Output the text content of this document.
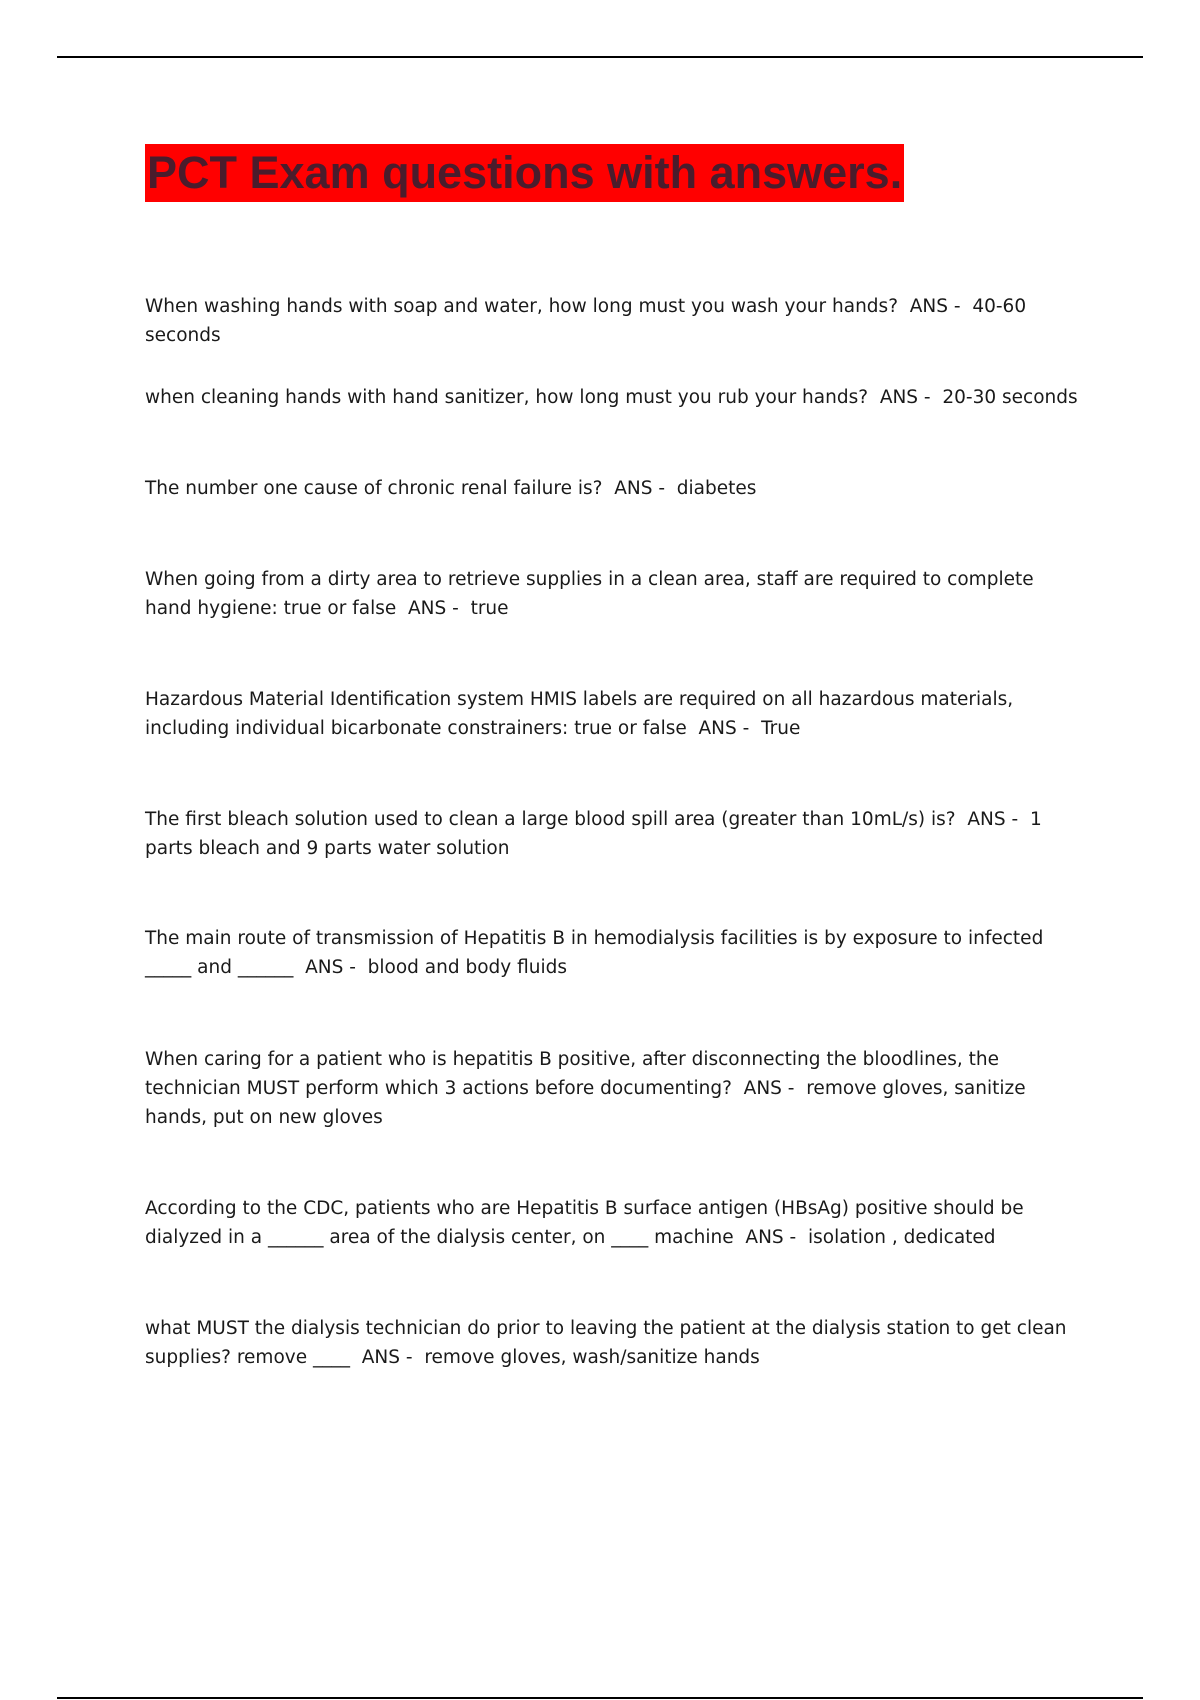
PCT Exam questions with answers.

When washing hands with soap and water, how long must you wash your hands? ANS - 40-60 seconds

when cleaning hands with hand sanitizer, how long must you rub your hands? ANS - 20-30 seconds

The number one cause of chronic renal failure is? ANS - diabetes

When going from a dirty area to retrieve supplies in a clean area, staff are required to complete hand hygiene: true or false ANS - true

Hazardous Material Identification system HMIS labels are required on all hazardous materials, including individual bicarbonate constrainers: true or false ANS - True

The first bleach solution used to clean a large blood spill area (greater than 10mL/s) is? ANS - 1 parts bleach and 9 parts water solution

The main route of transmission of Hepatitis B in hemodialysis facilities is by exposure to infected _____ and ______ ANS - blood and body fluids

When caring for a patient who is hepatitis B positive, after disconnecting the bloodlines, the technician MUST perform which 3 actions before documenting? ANS - remove gloves, sanitize hands, put on new gloves

According to the CDC, patients who are Hepatitis B surface antigen (HBsAg) positive should be dialyzed in a ______ area of the dialysis center, on ____ machine ANS - isolation , dedicated

what MUST the dialysis technician do prior to leaving the patient at the dialysis station to get clean supplies? remove ____ ANS - remove gloves, wash/sanitize hands
